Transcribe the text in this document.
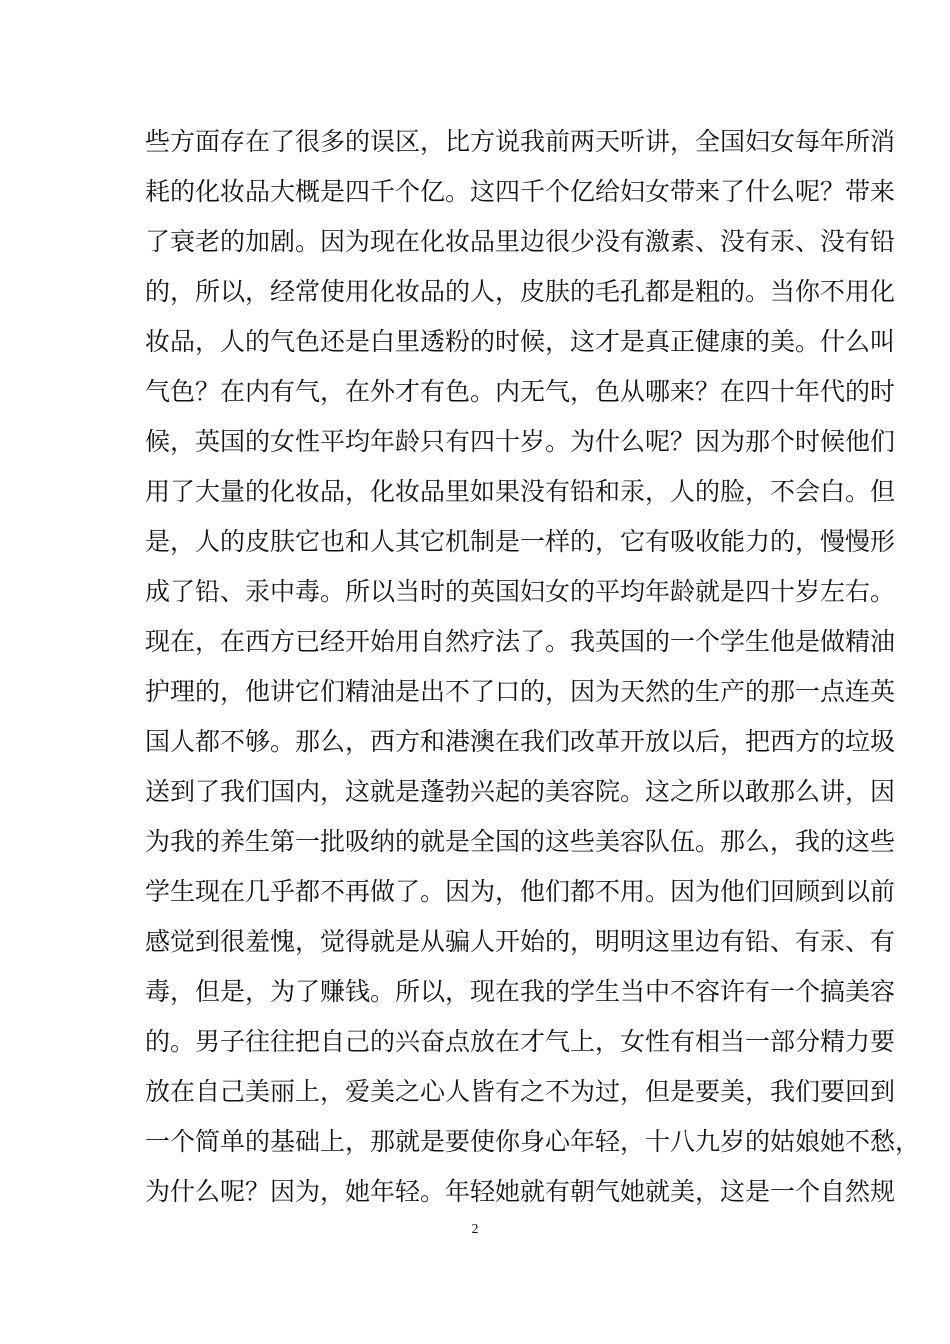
些方面存在了很多的误区，比方说我前两天听讲，全国妇女每年所消
耗的化妆品大概是四千个亿。这四千个亿给妇女带来了什么呢？带来
了衰老的加剧。因为现在化妆品里边很少没有激素、没有汞、没有铅
的，所以，经常使用化妆品的人，皮肤的毛孔都是粗的。当你不用化
妆品，人的气色还是白里透粉的时候，这才是真正健康的美。什么叫
气色？在内有气，在外才有色。内无气，色从哪来？在四十年代的时
候，英国的女性平均年龄只有四十岁。为什么呢？因为那个时候他们
用了大量的化妆品，化妆品里如果没有铅和汞，人的脸，不会白。但
是，人的皮肤它也和人其它机制是一样的，它有吸收能力的，慢慢形
成了铅、汞中毒。所以当时的英国妇女的平均年龄就是四十岁左右。
现在，在西方已经开始用自然疗法了。我英国的一个学生他是做精油
护理的，他讲它们精油是出不了口的，因为天然的生产的那一点连英
国人都不够。那么，西方和港澳在我们改革开放以后，把西方的垃圾
送到了我们国内，这就是蓬勃兴起的美容院。这之所以敢那么讲，因
为我的养生第一批吸纳的就是全国的这些美容队伍。那么，我的这些
学生现在几乎都不再做了。因为，他们都不用。因为他们回顾到以前
感觉到很羞愧，觉得就是从骗人开始的，明明这里边有铅、有汞、有
毒，但是，为了赚钱。所以，现在我的学生当中不容许有一个搞美容
的。男子往往把自己的兴奋点放在才气上，女性有相当一部分精力要
放在自己美丽上，爱美之心人皆有之不为过，但是要美，我们要回到
一个简单的基础上，那就是要使你身心年轻，十八九岁的姑娘她不愁，
为什么呢？因为，她年轻。年轻她就有朝气她就美，这是一个自然规
2
